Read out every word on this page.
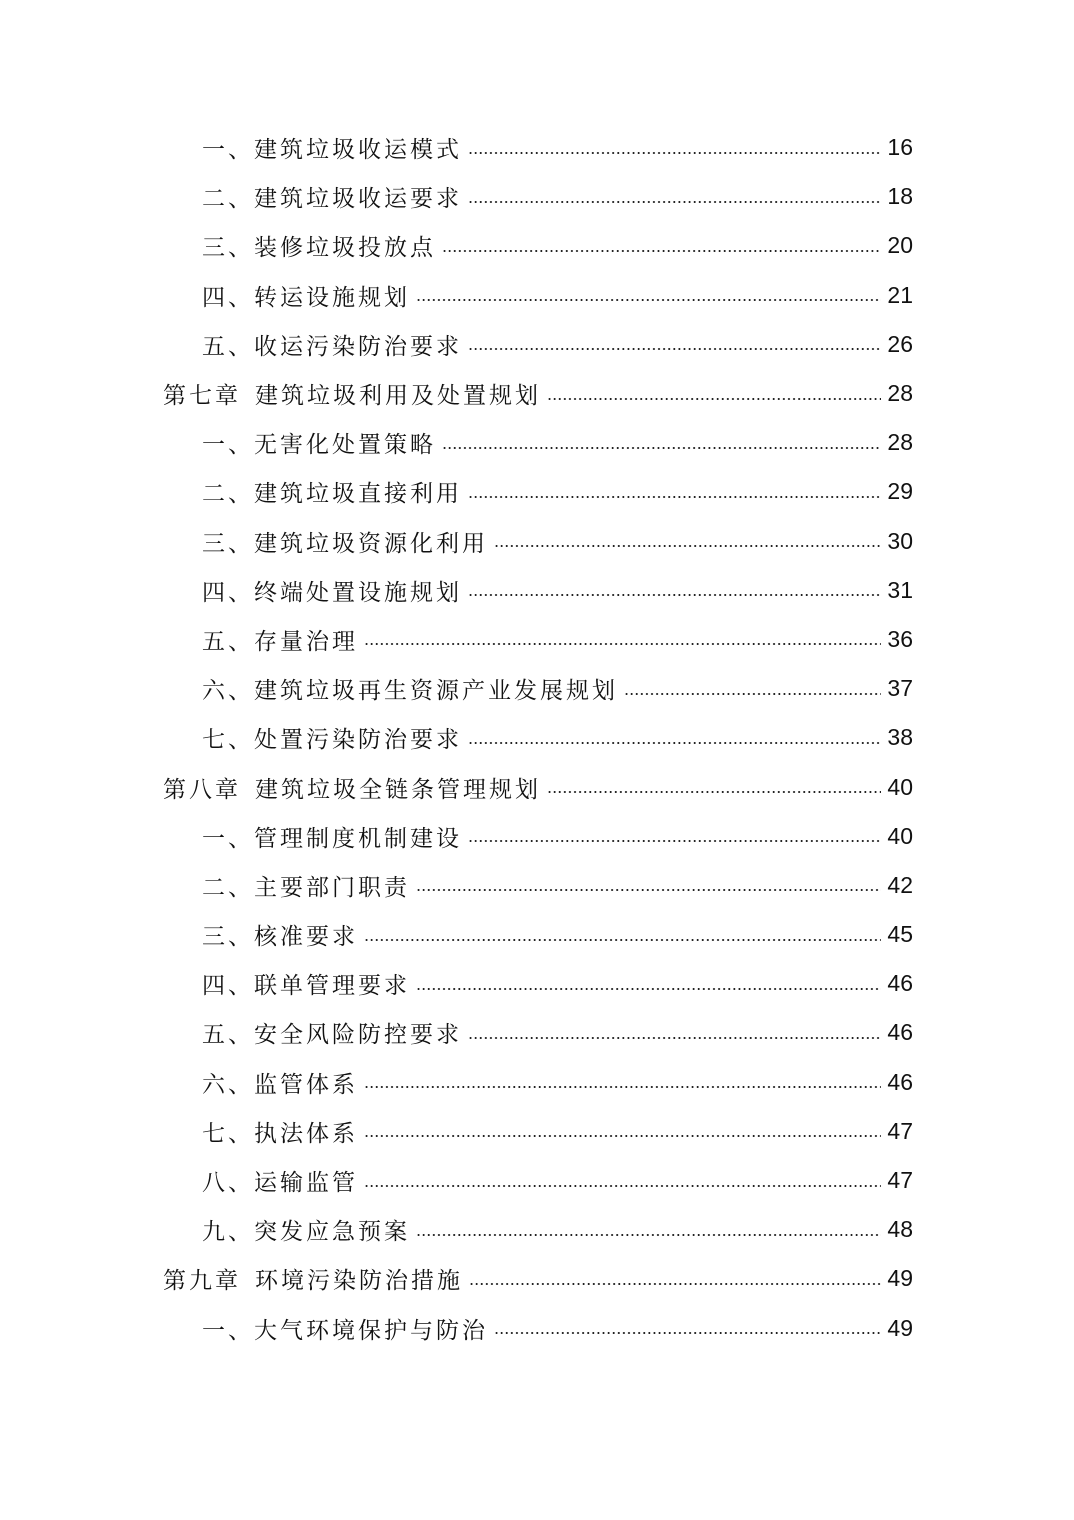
一、 建筑垃圾收运模式	16
二、 建筑垃圾收运要求	18
三、 装修垃圾投放点	20
四、 转运设施规划	21
五、 收运污染防治要求	26
第七章 建筑垃圾利用及处置规划	28
一、 无害化处置策略	28
二、 建筑垃圾直接利用	29
三、 建筑垃圾资源化利用	30
四、 终端处置设施规划	31
五、 存量治理	36
六、 建筑垃圾再生资源产业发展规划	37
七、 处置污染防治要求	38
第八章 建筑垃圾全链条管理规划	40
一、 管理制度机制建设	40
二、 主要部门职责	42
三、 核准要求	45
四、 联单管理要求	46
五、 安全风险防控要求	46
六、 监管体系	46
七、 执法体系	47
八、 运输监管	47
九、 突发应急预案	48
第九章 环境污染防治措施	49
一、 大气环境保护与防治	49
